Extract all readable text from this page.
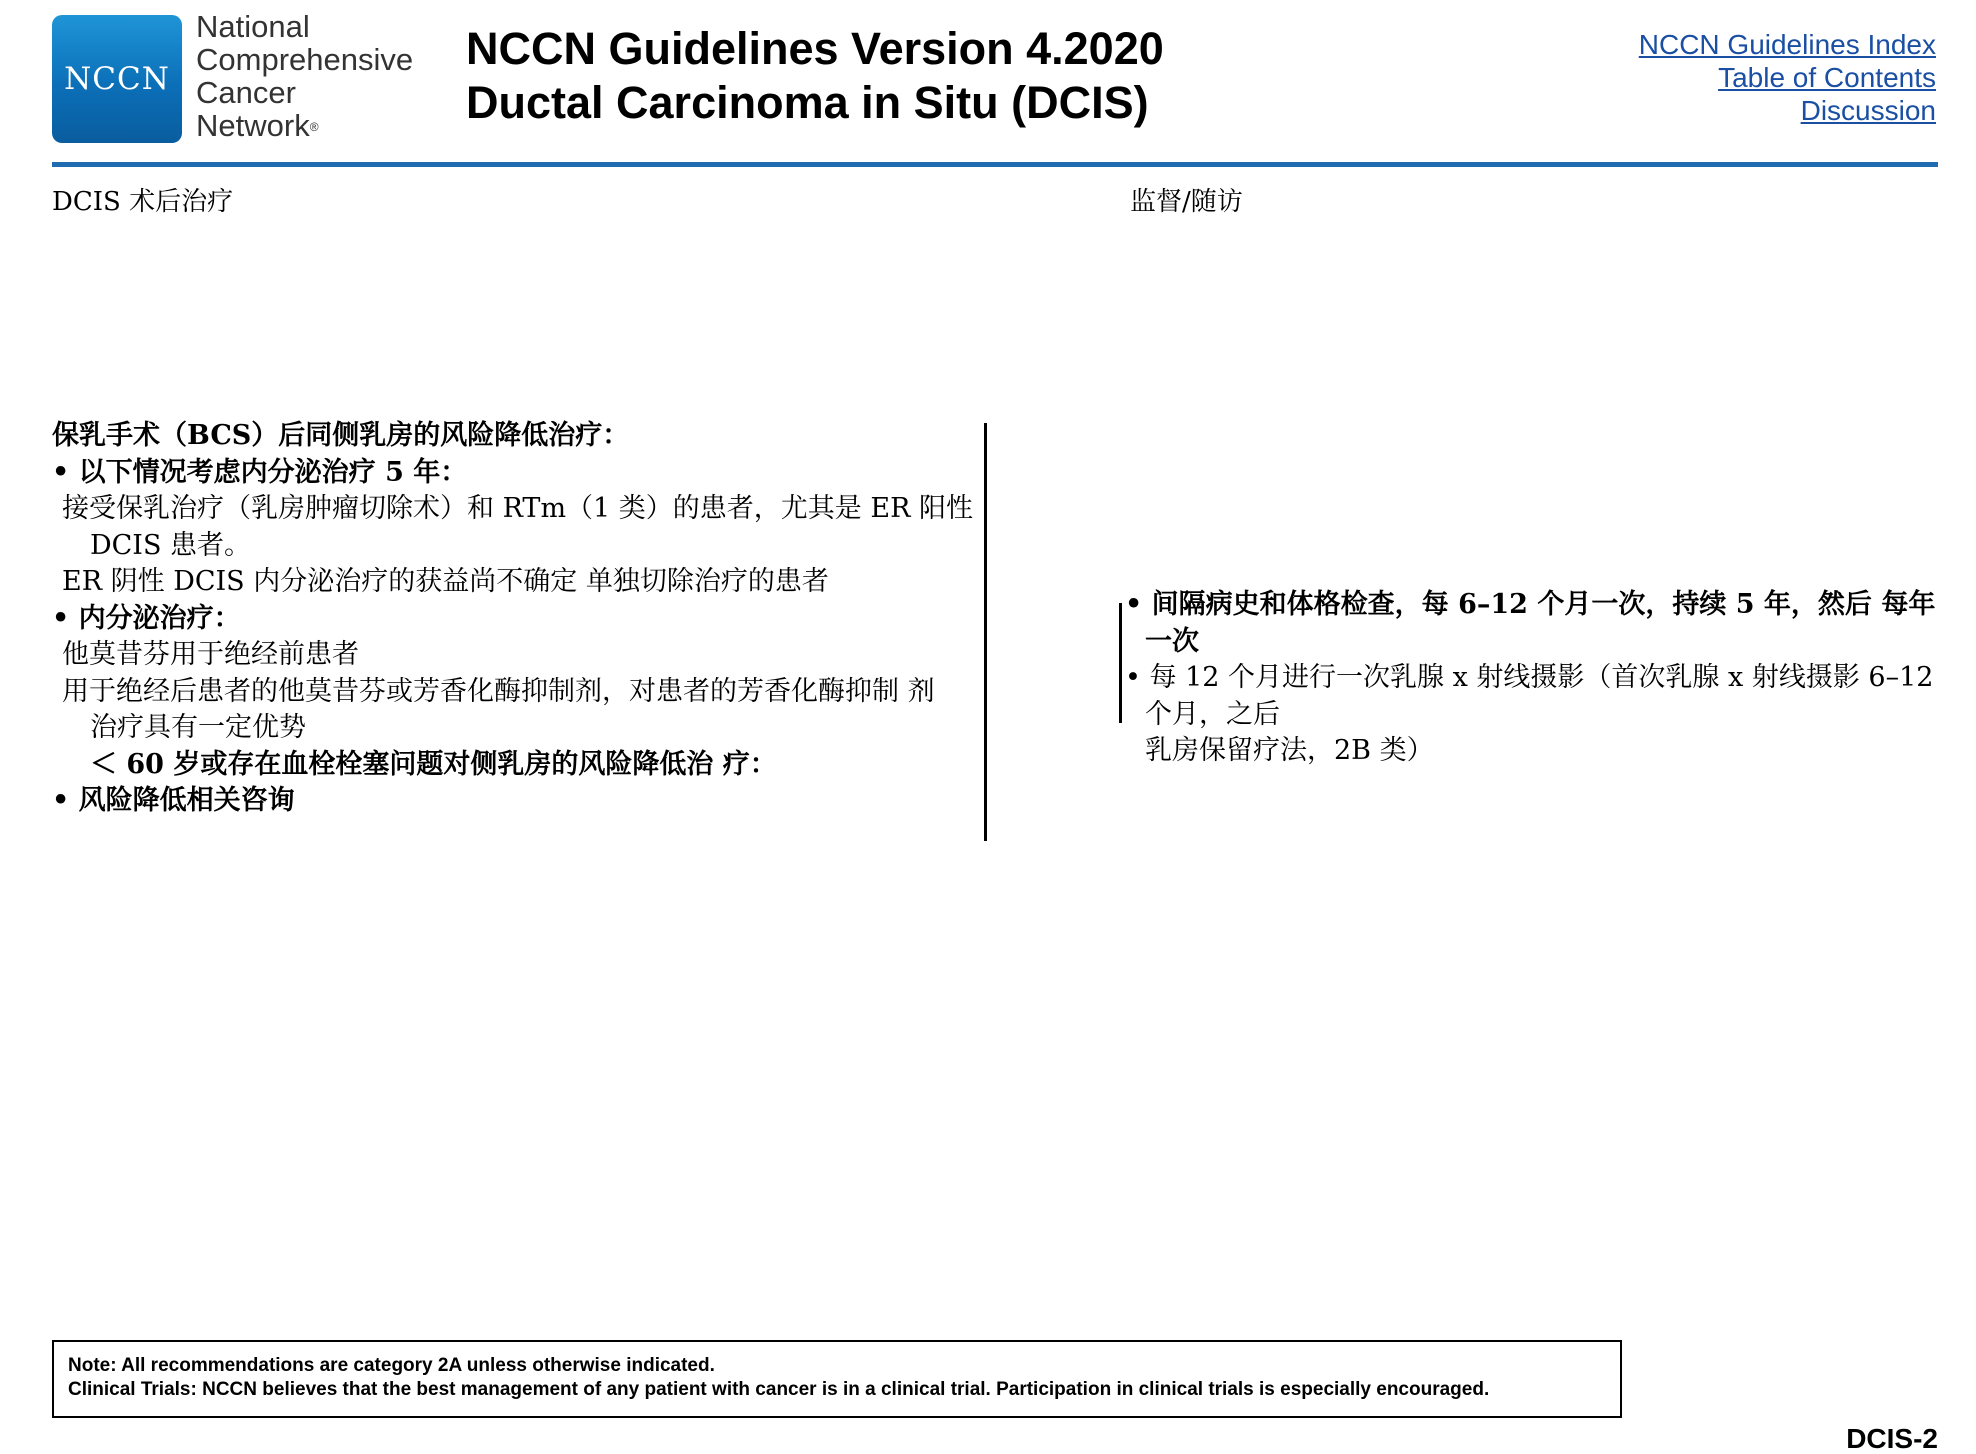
NCCN
National
Comprehensive
Cancer
Network®
NCCN Guidelines Version 4.2020
Ductal Carcinoma in Situ (DCIS)
NCCN Guidelines Index
Table of Contents
Discussion
DCIS 术后治疗	监督/随访

保乳手术（BCS）后同侧乳房的风险降低治疗：

• 以下情况考虑内分泌治疗 5 年：

接受保乳治疗（乳房肿瘤切除术）和 RTm（1 类）的患者，尤其是 ER 阳性

DCIS 患者。

ER 阴性 DCIS 内分泌治疗的获益尚不确定 单独切除治疗的患者

• 内分泌治疗：

他莫昔芬用于绝经前患者

用于绝经后患者的他莫昔芬或芳香化酶抑制剂，对患者的芳香化酶抑制 剂

治疗具有一定优势

＜ 60 岁或存在血栓栓塞问题对侧乳房的风险降低治 疗：

• 风险降低相关咨询

• 间隔病史和体格检查，每 6–12 个月一次，持续 5 年，然后 每年一次

• 每 12 个月进行一次乳腺 x 射线摄影（首次乳腺 x 射线摄影 6–12 个月，之后

乳房保留疗法，2B 类）

Note: All recommendations are category 2A unless otherwise indicated.
Clinical Trials: NCCN believes that the best management of any patient with cancer is in a clinical trial. Participation in clinical trials is especially encouraged.
DCIS-2
